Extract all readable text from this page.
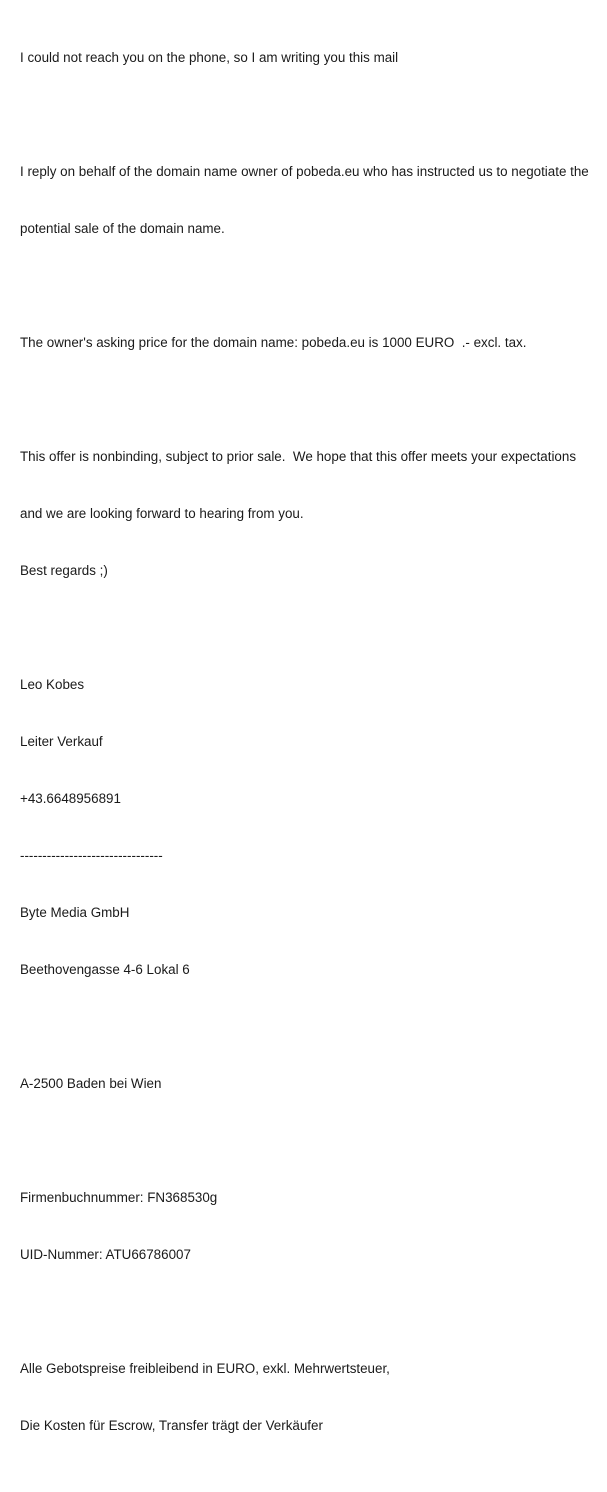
I could not reach you on the phone, so I am writing you this mail

I reply on behalf of the domain name owner of pobeda.eu who has instructed us to negotiate the

potential sale of the domain name.

The owner's asking price for the domain name: pobeda.eu is 1000 EURO  .- excl. tax.

This offer is nonbinding, subject to prior sale.  We hope that this offer meets your expectations

and we are looking forward to hearing from you.

Best regards ;)

Leo Kobes

Leiter Verkauf

+43.6648956891

--------------------------------

Byte Media GmbH

Beethovengasse 4-6 Lokal 6

A-2500 Baden bei Wien

Firmenbuchnummer: FN368530g

UID-Nummer: ATU66786007

Alle Gebotspreise freibleibend in EURO, exkl. Mehrwertsteuer,

Die Kosten für Escrow, Transfer trägt der Verkäufer
